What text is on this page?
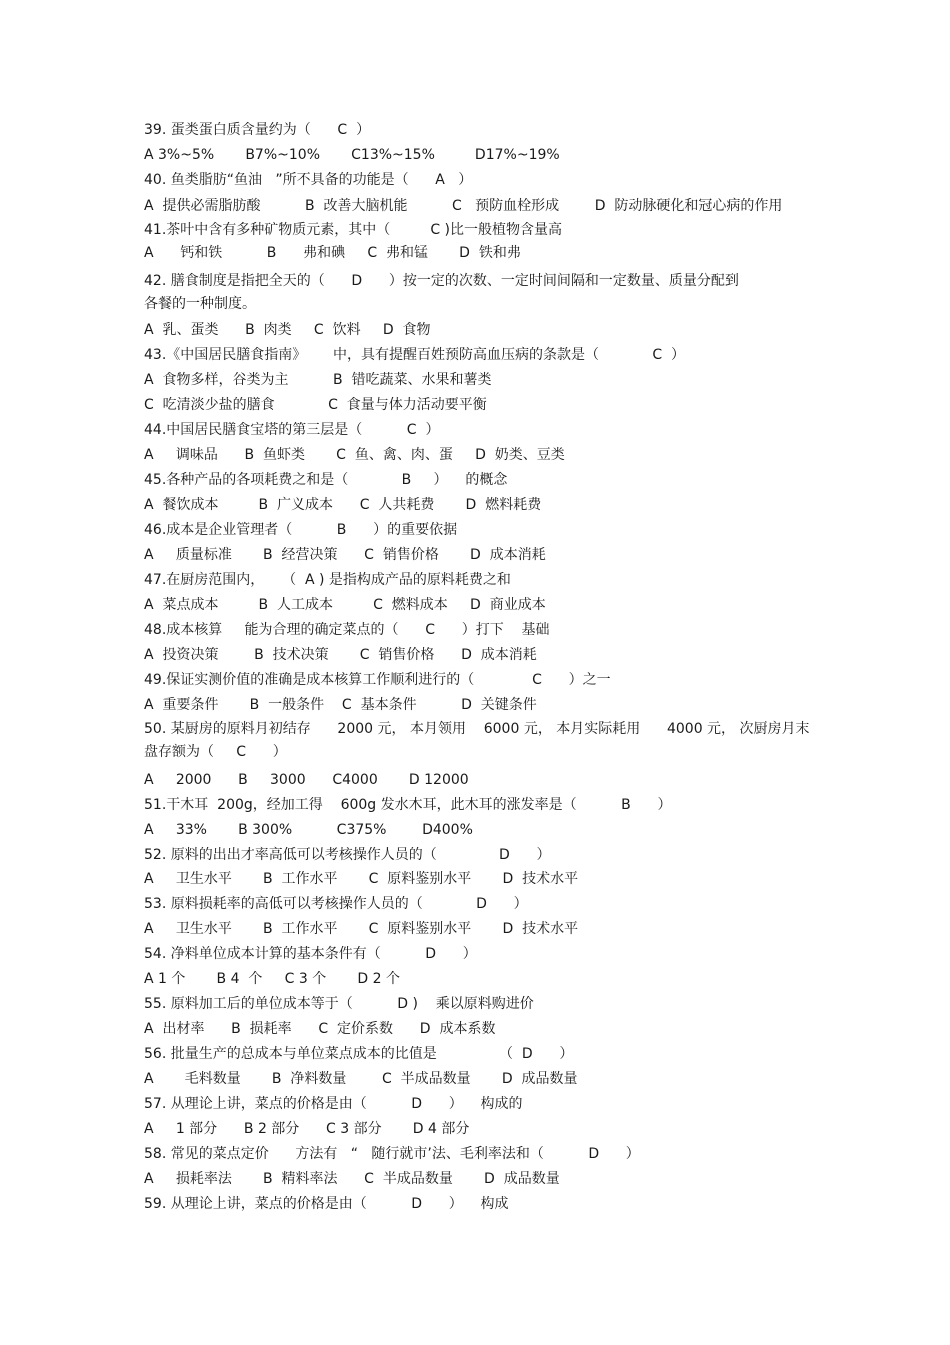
39. 蛋类蛋白质含量约为（      C  ）
A 3%~5%       B7%~10%       C13%~15%         D17%~19%
40. 鱼类脂肪“鱼油   ”所不具备的功能是（      A   ）
A  提供必需脂肪酸          B  改善大脑机能          C   预防血栓形成        D  防动脉硬化和冠心病的作用
41.茶叶中含有多种矿物质元素，其中（         C )比一般植物含量高
A      钙和铁          B      弗和碘     C  弗和锰       D  铁和弗
42. 膳食制度是指把全天的（      D      ）按一定的次数、一定时间间隔和一定数量、质量分配到
各餐的一种制度。
A  乳、蛋类      B  肉类     C  饮料     D  食物
43.《中国居民膳食指南》      中，具有提醒百姓预防高血压病的条款是（            C  ）
A  食物多样，谷类为主          B  错吃蔬菜、水果和薯类
C  吃清淡少盐的膳食            C  食量与体力活动要平衡
44.中国居民膳食宝塔的第三层是（          C  ）
A     调味品      B  鱼虾类       C  鱼、禽、肉、蛋     D  奶类、豆类
45.各种产品的各项耗费之和是（            B     ）    的概念
A  餐饮成本         B  广义成本      C  人共耗费       D  燃料耗费
46.成本是企业管理者（          B      ）的重要依据
A     质量标准       B  经营决策      C  销售价格       D  成本消耗
47.在厨房范围内，    （  A ) 是指构成产品的原料耗费之和
A  菜点成本         B  人工成本         C  燃料成本     D  商业成本
48.成本核算     能为合理的确定菜点的（      C      ）打下    基础
A  投资决策        B  技术决策       C  销售价格      D  成本消耗
49.保证实测价值的准确是成本核算工作顺利进行的（             C      ）之一
A  重要条件       B  一般条件    C  基本条件          D  关键条件
50. 某厨房的原料月初结存      2000 元， 本月领用    6000 元， 本月实际耗用      4000 元， 次厨房月末
盘存额为（     C      ）
A     2000      B     3000      C4000       D 12000
51.干木耳  200g，经加工得    600g 发水木耳，此木耳的涨发率是（          B      ）
A     33%       B 300%          C375%        D400%
52. 原料的出出才率高低可以考核操作人员的（              D      ）
A     卫生水平       B  工作水平       C  原料鉴别水平       D  技术水平
53. 原料损耗率的高低可以考核操作人员的（            D      ）
A     卫生水平       B  工作水平       C  原料鉴别水平       D  技术水平
54. 净料单位成本计算的基本条件有（          D      ）
A 1 个       B 4  个     C 3 个       D 2 个
55. 原料加工后的单位成本等于（          D )    乘以原料购进价
A  出材率      B  损耗率      C  定价系数      D  成本系数
56. 批量生产的总成本与单位菜点成本的比值是              （  D      ）
A       毛料数量       B  净料数量        C  半成品数量       D  成品数量
57. 从理论上讲，菜点的价格是由（          D      ）    构成的
A     1 部分      B 2 部分      C 3 部分       D 4 部分
58. 常见的菜点定价      方法有   “   随行就市’法、毛利率法和（          D      ）
A     损耗率法       B  精料率法      C  半成品数量       D  成品数量
59. 从理论上讲，菜点的价格是由（          D      ）    构成
